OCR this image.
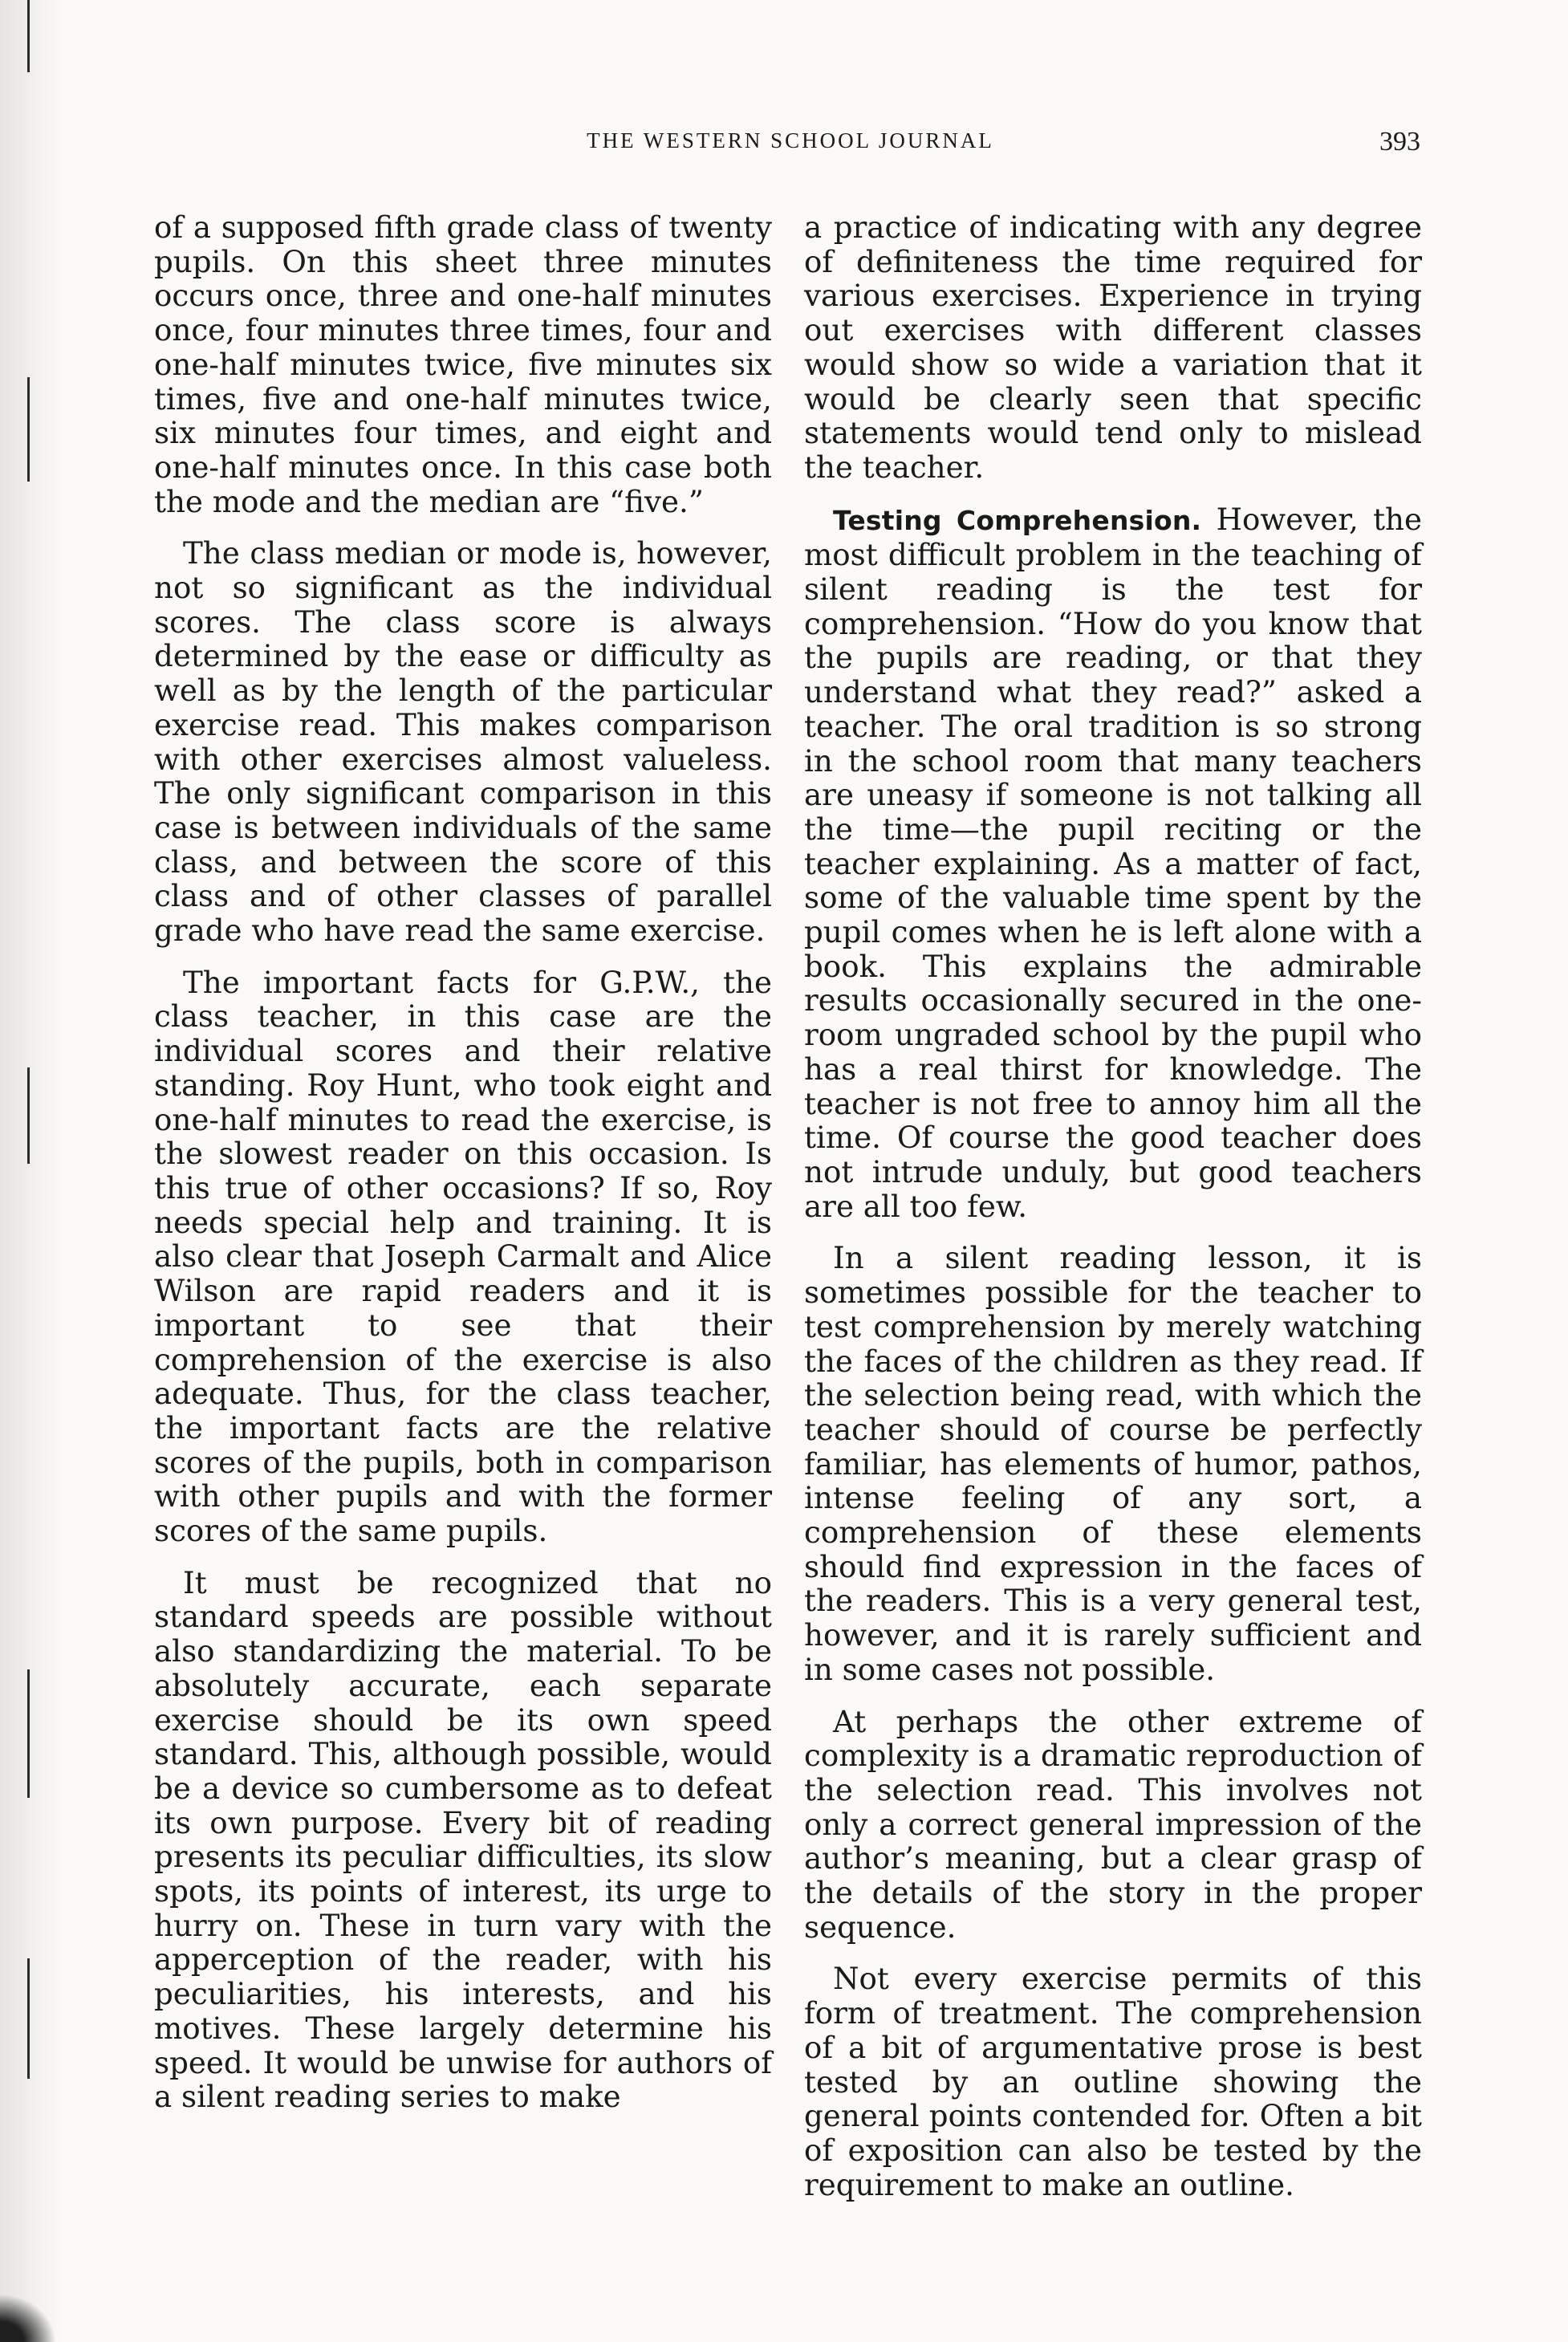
THE WESTERN SCHOOL JOURNAL	393

of a supposed fifth grade class of twenty pupils. On this sheet three minutes occurs once, three and one-half minutes once, four minutes three times, four and one-half minutes twice, five minutes six times, five and one-half minutes twice, six minutes four times, and eight and one-half minutes once. In this case both the mode and the median are “five.”

The class median or mode is, however, not so significant as the individual scores. The class score is always determined by the ease or difficulty as well as by the length of the particular exercise read. This makes comparison with other exercises almost valueless. The only significant comparison in this case is between individuals of the same class, and between the score of this class and of other classes of parallel grade who have read the same exercise.

The important facts for G.P.W., the class teacher, in this case are the individual scores and their relative standing. Roy Hunt, who took eight and one-half minutes to read the exercise, is the slowest reader on this occasion. Is this true of other occasions? If so, Roy needs special help and training. It is also clear that Joseph Carmalt and Alice Wilson are rapid readers and it is important to see that their comprehension of the exercise is also adequate. Thus, for the class teacher, the important facts are the relative scores of the pupils, both in comparison with other pupils and with the former scores of the same pupils.

It must be recognized that no standard speeds are possible without also standardizing the material. To be absolutely accurate, each separate exercise should be its own speed standard. This, although possible, would be a device so cumbersome as to defeat its own purpose. Every bit of reading presents its peculiar difficulties, its slow spots, its points of interest, its urge to hurry on. These in turn vary with the apperception of the reader, with his peculiarities, his interests, and his motives. These largely determine his speed. It would be unwise for authors of a silent reading series to make

a practice of indicating with any degree of definiteness the time required for various exercises. Experience in trying out exercises with different classes would show so wide a variation that it would be clearly seen that specific statements would tend only to mislead the teacher.

Testing Comprehension. However, the most difficult problem in the teaching of silent reading is the test for comprehension. “How do you know that the pupils are reading, or that they understand what they read?” asked a teacher. The oral tradition is so strong in the school room that many teachers are uneasy if someone is not talking all the time—the pupil reciting or the teacher explaining. As a matter of fact, some of the valuable time spent by the pupil comes when he is left alone with a book. This explains the admirable results occasionally secured in the one-room ungraded school by the pupil who has a real thirst for knowledge. The teacher is not free to annoy him all the time. Of course the good teacher does not intrude unduly, but good teachers are all too few.

In a silent reading lesson, it is sometimes possible for the teacher to test comprehension by merely watching the faces of the children as they read. If the selection being read, with which the teacher should of course be perfectly familiar, has elements of humor, pathos, intense feeling of any sort, a comprehension of these elements should find expression in the faces of the readers. This is a very general test, however, and it is rarely sufficient and in some cases not possible.

At perhaps the other extreme of complexity is a dramatic reproduction of the selection read. This involves not only a correct general impression of the author’s meaning, but a clear grasp of the details of the story in the proper sequence.

Not every exercise permits of this form of treatment. The comprehension of a bit of argumentative prose is best tested by an outline showing the general points contended for. Often a bit of exposition can also be tested by the requirement to make an outline.
